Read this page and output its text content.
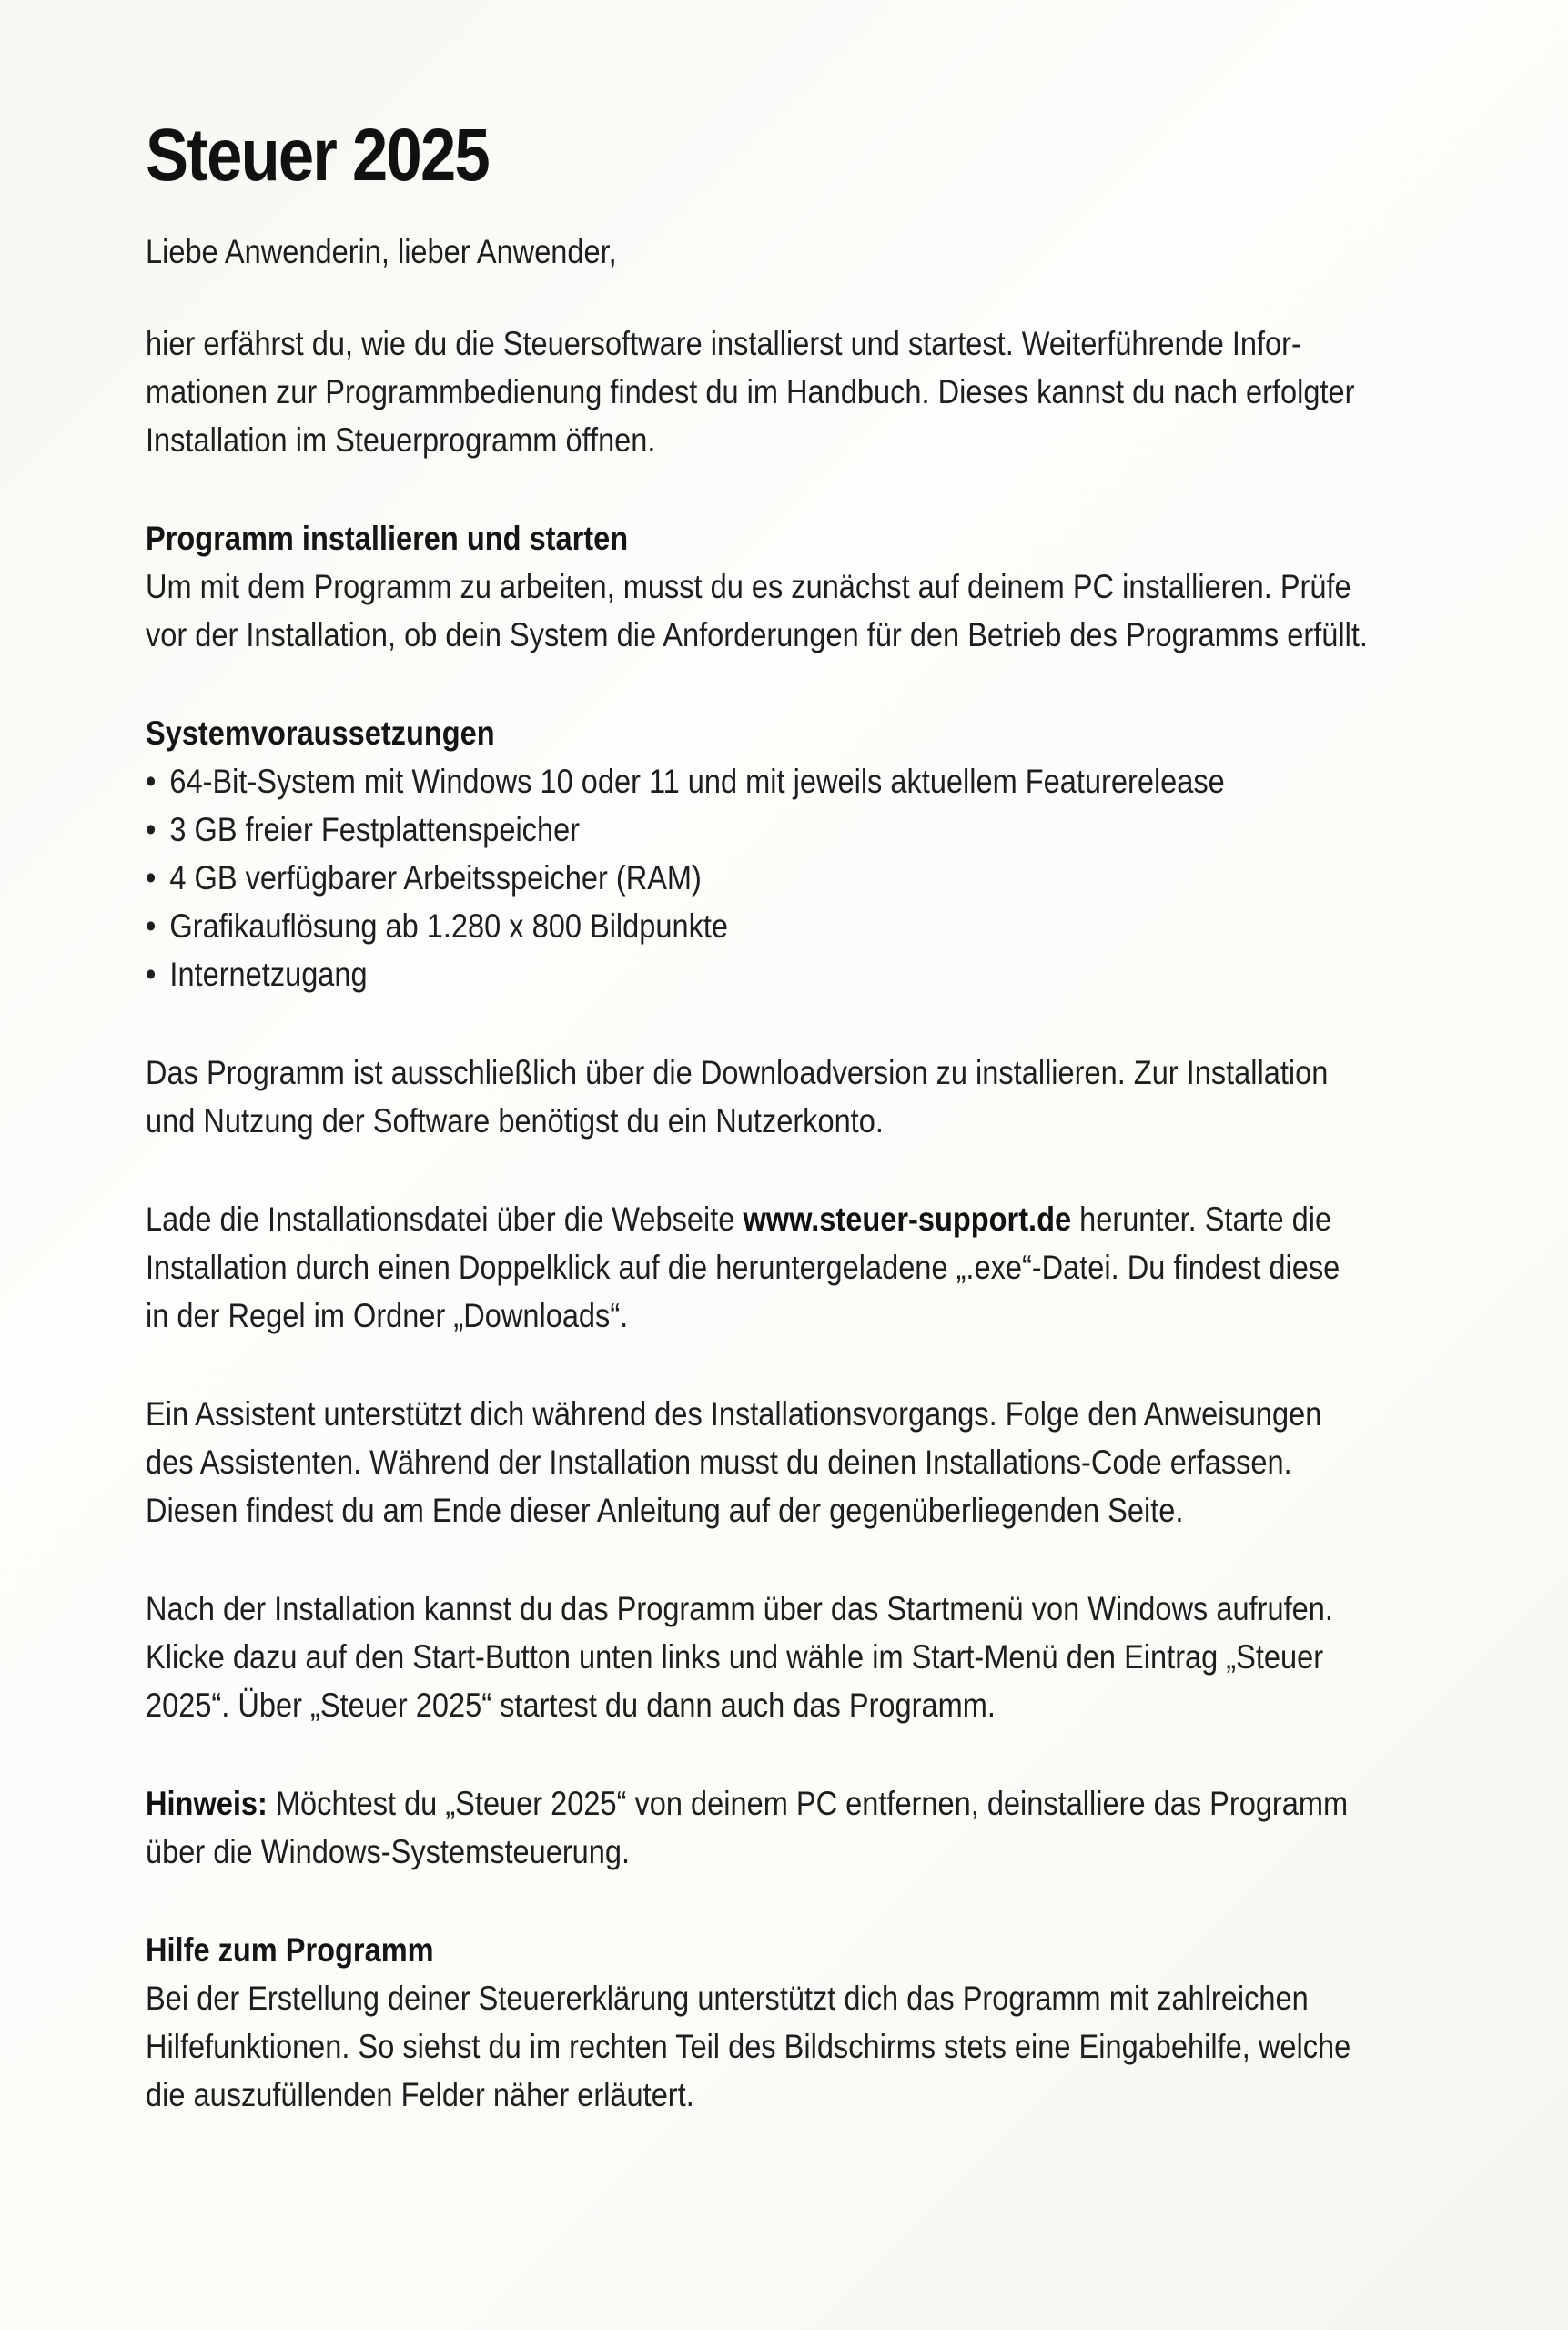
Steuer 2025

Liebe Anwenderin, lieber Anwender,

hier erfährst du, wie du die Steuersoftware installierst und startest. Weiterführende Infor-
mationen zur Programmbedienung findest du im Handbuch. Dieses kannst du nach erfolgter
Installation im Steuerprogramm öffnen.

Programm installieren und starten

Um mit dem Programm zu arbeiten, musst du es zunächst auf deinem PC installieren. Prüfe
vor der Installation, ob dein System die Anforderungen für den Betrieb des Programms erfüllt.

Systemvoraussetzungen

• 64-Bit-System mit Windows 10 oder 11 und mit jeweils aktuellem Featurerelease
• 3 GB freier Festplattenspeicher
• 4 GB verfügbarer Arbeitsspeicher (RAM)
• Grafikauflösung ab 1.280 x 800 Bildpunkte
• Internetzugang
Das Programm ist ausschließlich über die Downloadversion zu installieren. Zur Installation
und Nutzung der Software benötigst du ein Nutzerkonto.
Lade die Installationsdatei über die Webseite www.steuer-support.de herunter. Starte die
Installation durch einen Doppelklick auf die heruntergeladene „.exe“-Datei. Du findest diese
in der Regel im Ordner „Downloads“.
Ein Assistent unterstützt dich während des Installationsvorgangs. Folge den Anweisungen
des Assistenten. Während der Installation musst du deinen Installations-Code erfassen.
Diesen findest du am Ende dieser Anleitung auf der gegenüberliegenden Seite.
Nach der Installation kannst du das Programm über das Startmenü von Windows aufrufen.
Klicke dazu auf den Start-Button unten links und wähle im Start-Menü den Eintrag „Steuer
2025“. Über „Steuer 2025“ startest du dann auch das Programm.
Hinweis: Möchtest du „Steuer 2025“ von deinem PC entfernen, deinstalliere das Programm
über die Windows-Systemsteuerung.

Hilfe zum Programm

Bei der Erstellung deiner Steuererklärung unterstützt dich das Programm mit zahlreichen
Hilfefunktionen. So siehst du im rechten Teil des Bildschirms stets eine Eingabehilfe, welche
die auszufüllenden Felder näher erläutert.
